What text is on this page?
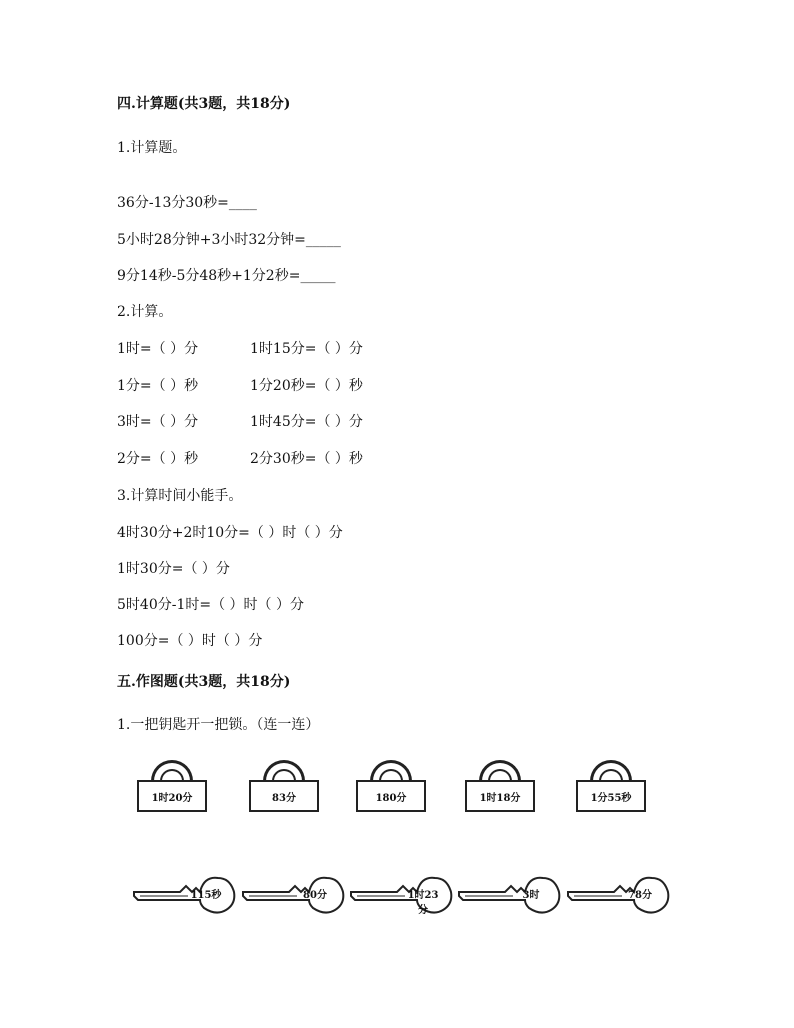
四.计算题(共3题，共18分)
1.计算题。
36分-13分30秒=____
5小时28分钟+3小时32分钟=_____
9分14秒-5分48秒+1分2秒=_____
2.计算。
1时=（ ）分	1时15分=（ ）分
1分=（ ）秒	1分20秒=（ ）秒
3时=（ ）分	1时45分=（ ）分
2分=（ ）秒	2分30秒=（ ）秒
3.计算时间小能手。
4时30分+2时10分=（ ）时（ ）分
1时30分=（ ）分
5时40分-1时=（ ）时（ ）分
100分=（ ）时（ ）分
五.作图题(共3题，共18分)
1.一把钥匙开一把锁。（连一连）
1时20分	83分	180分	1时18分	1分55秒
115秒	80分	1时23分
3时	78分
